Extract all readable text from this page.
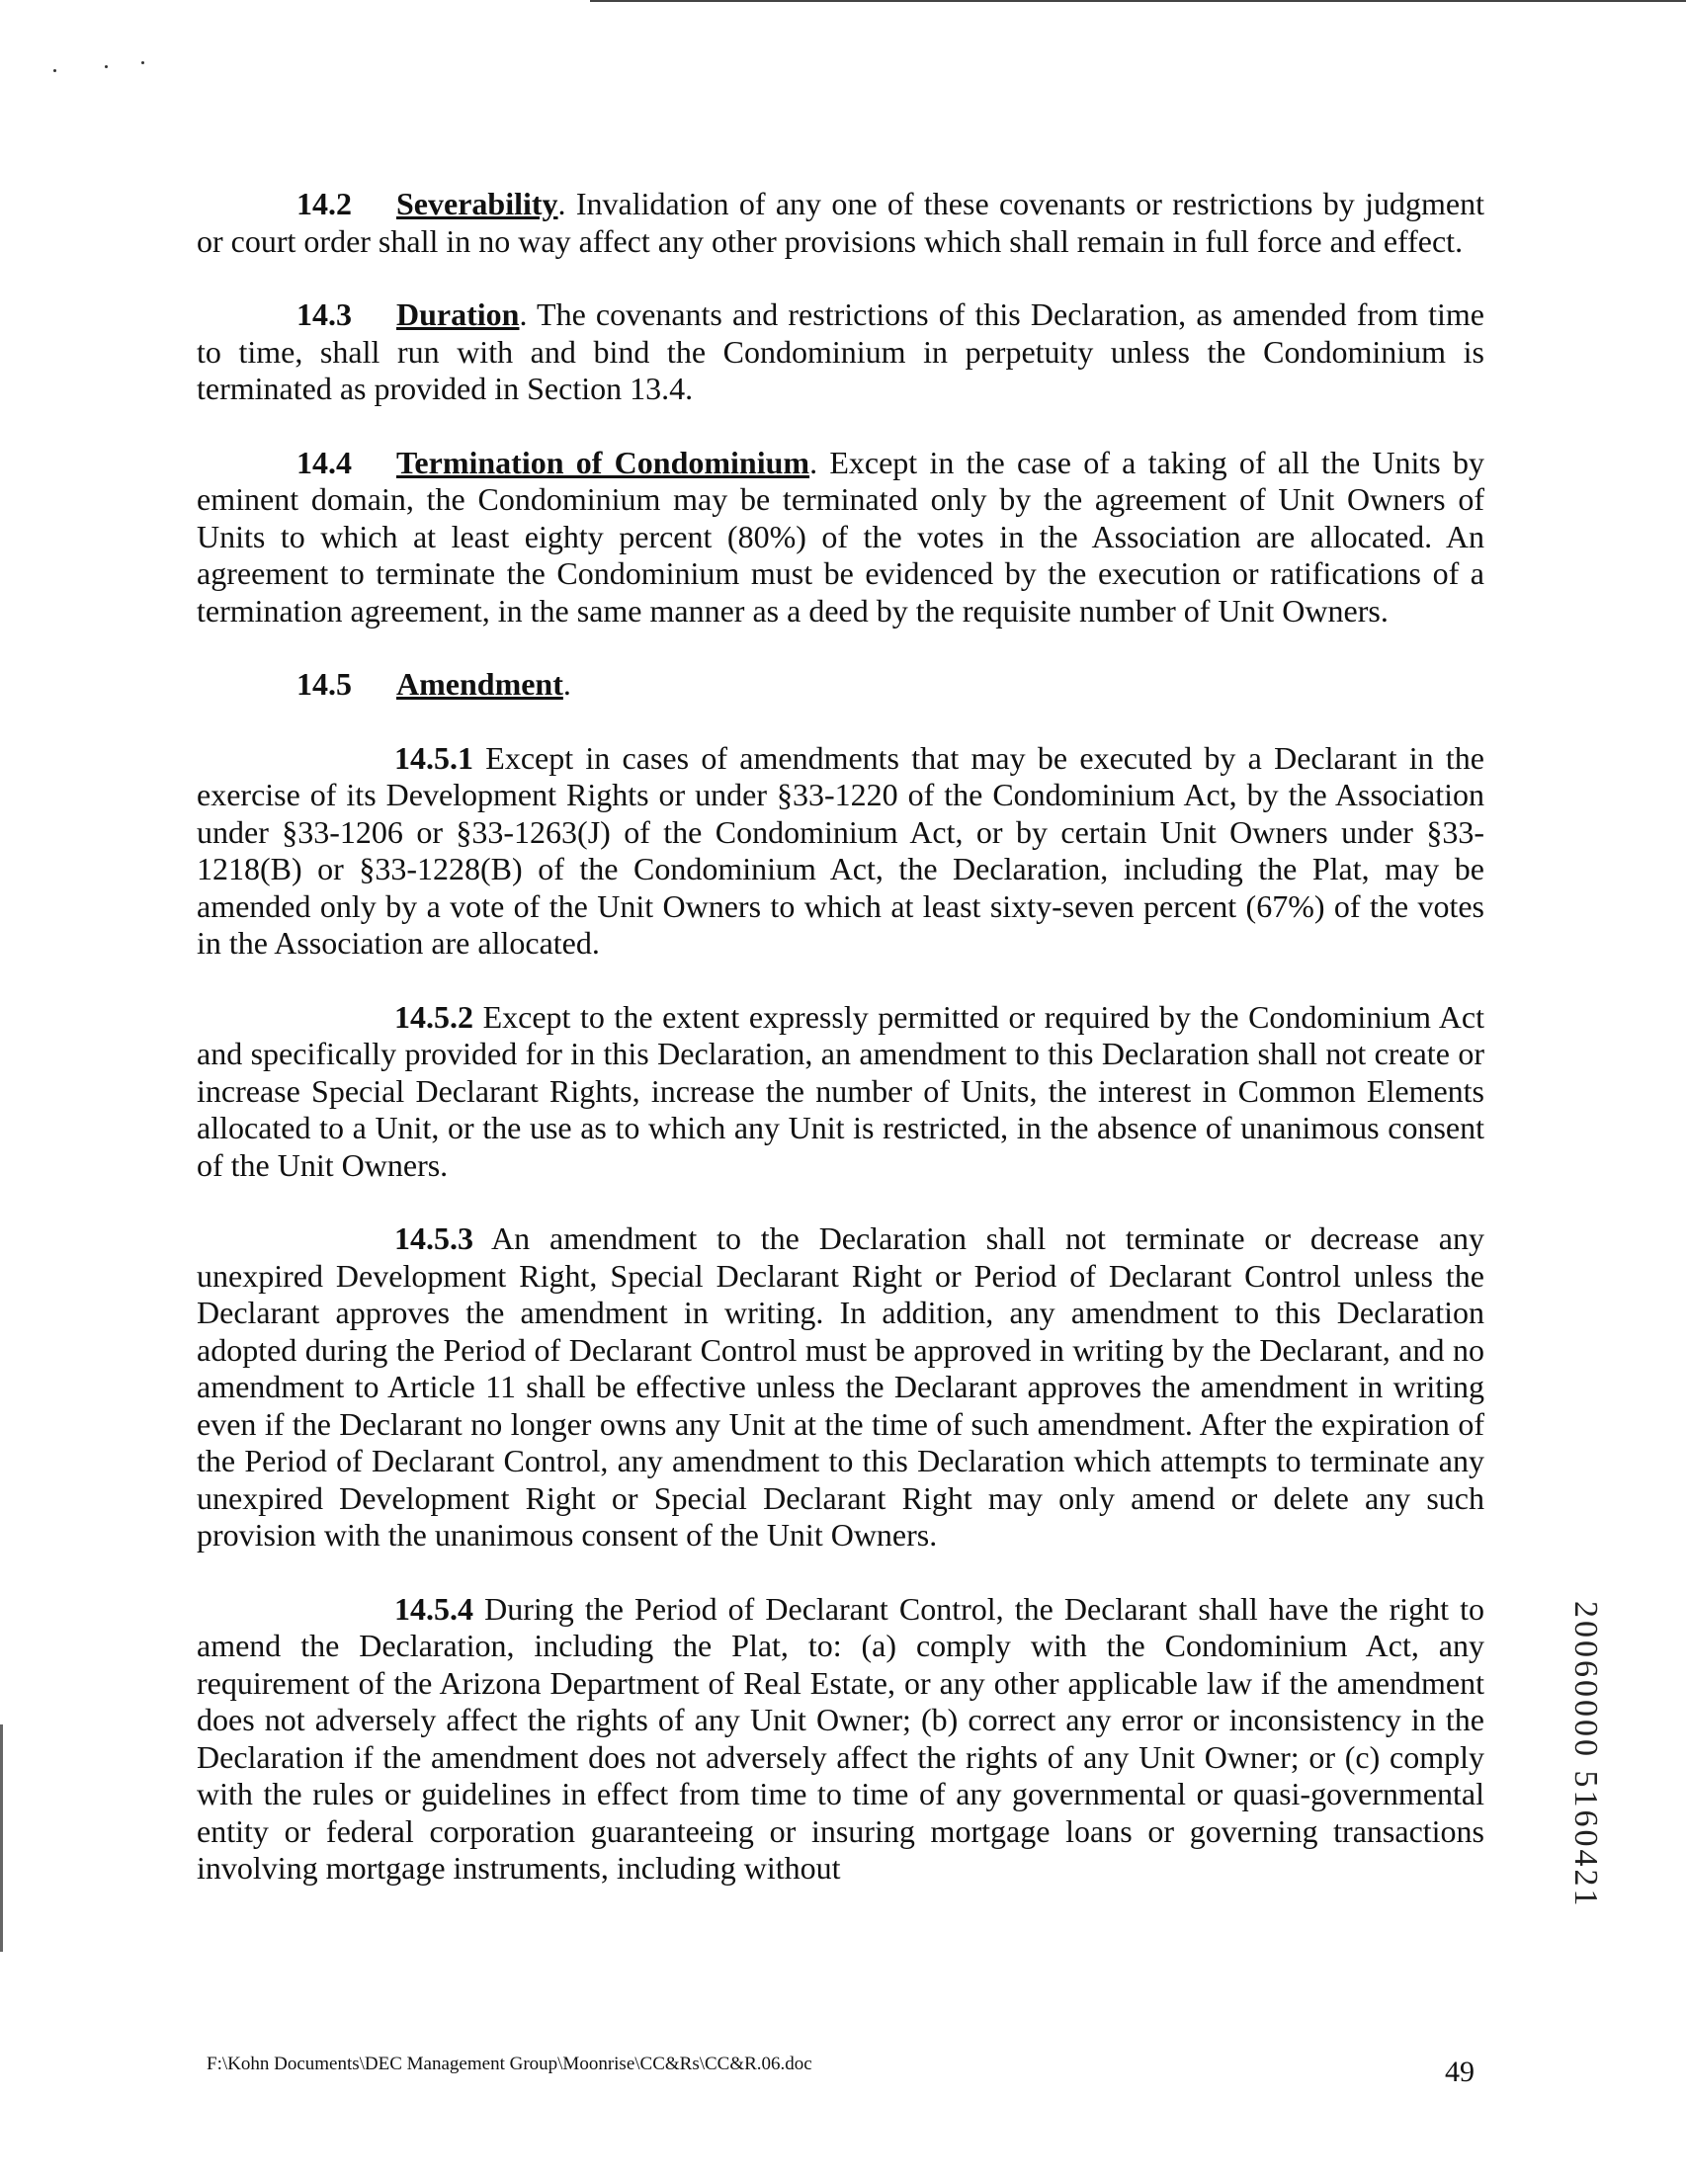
14.2 Severability. Invalidation of any one of these covenants or restrictions by judgment or court order shall in no way affect any other provisions which shall remain in full force and effect.

14.3 Duration. The covenants and restrictions of this Declaration, as amended from time to time, shall run with and bind the Condominium in perpetuity unless the Condominium is terminated as provided in Section 13.4.

14.4 Termination of Condominium. Except in the case of a taking of all the Units by eminent domain, the Condominium may be terminated only by the agreement of Unit Owners of Units to which at least eighty percent (80%) of the votes in the Association are allocated. An agreement to terminate the Condominium must be evidenced by the execution or ratifications of a termination agreement, in the same manner as a deed by the requisite number of Unit Owners.

14.5 Amendment.

14.5.1 Except in cases of amendments that may be executed by a Declarant in the exercise of its Development Rights or under §33-1220 of the Condominium Act, by the Association under §33-1206 or §33-1263(J) of the Condominium Act, or by certain Unit Owners under §33-1218(B) or §33-1228(B) of the Condominium Act, the Declaration, including the Plat, may be amended only by a vote of the Unit Owners to which at least sixty-seven percent (67%) of the votes in the Association are allocated.

14.5.2 Except to the extent expressly permitted or required by the Condominium Act and specifically provided for in this Declaration, an amendment to this Declaration shall not create or increase Special Declarant Rights, increase the number of Units, the interest in Common Elements allocated to a Unit, or the use as to which any Unit is restricted, in the absence of unanimous consent of the Unit Owners.

14.5.3 An amendment to the Declaration shall not terminate or decrease any unexpired Development Right, Special Declarant Right or Period of Declarant Control unless the Declarant approves the amendment in writing. In addition, any amendment to this Declaration adopted during the Period of Declarant Control must be approved in writing by the Declarant, and no amendment to Article 11 shall be effective unless the Declarant approves the amendment in writing even if the Declarant no longer owns any Unit at the time of such amendment. After the expiration of the Period of Declarant Control, any amendment to this Declaration which attempts to terminate any unexpired Development Right or Special Declarant Right may only amend or delete any such provision with the unanimous consent of the Unit Owners.

14.5.4 During the Period of Declarant Control, the Declarant shall have the right to amend the Declaration, including the Plat, to: (a) comply with the Condominium Act, any requirement of the Arizona Department of Real Estate, or any other applicable law if the amendment does not adversely affect the rights of any Unit Owner; (b) correct any error or inconsistency in the Declaration if the amendment does not adversely affect the rights of any Unit Owner; or (c) comply with the rules or guidelines in effect from time to time of any governmental or quasi-governmental entity or federal corporation guaranteeing or insuring mortgage loans or governing transactions involving mortgage instruments, including without	20060000 5160421
F:\Kohn Documents\DEC Management Group\Moonrise\CC&Rs\CC&R.06.doc	49
